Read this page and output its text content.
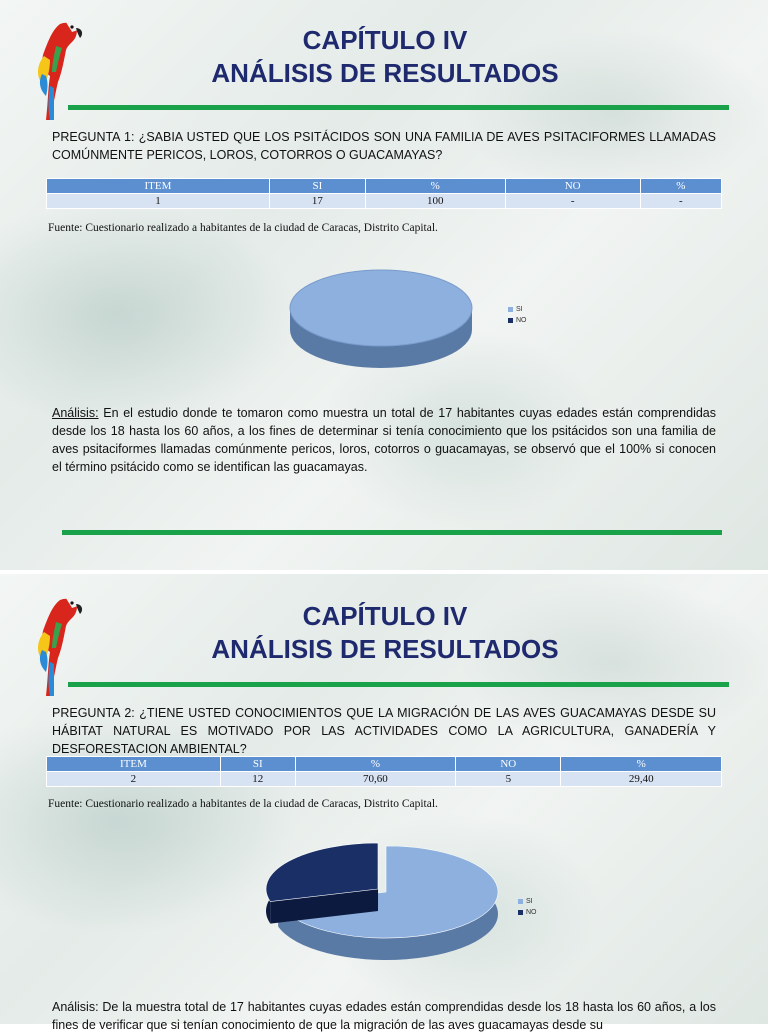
CAPÍTULO IV
ANÁLISIS DE RESULTADOS
PREGUNTA 1: ¿SABIA USTED QUE LOS PSITÁCIDOS SON UNA FAMILIA DE AVES PSITACIFORMES LLAMADAS COMÚNMENTE PERICOS, LOROS, COTORROS O GUACAMAYAS?
ITEM	SI	%	NO	%
1	17	100	-	-
Fuente: Cuestionario realizado a habitantes de la ciudad de Caracas, Distrito Capital.
SI
NO
Análisis: En el estudio donde te tomaron como muestra un total de 17 habitantes cuyas edades están comprendidas desde los 18 hasta los 60 años, a los fines de determinar si tenía conocimiento que los psitácidos son una familia de aves psitaciformes llamadas comúnmente pericos, loros, cotorros o guacamayas, se observó que el 100% si conocen el término psitácido como se identifican las guacamayas.
CAPÍTULO IV
ANÁLISIS DE RESULTADOS
PREGUNTA 2: ¿TIENE USTED CONOCIMIENTOS QUE LA MIGRACIÓN DE LAS AVES GUACAMAYAS DESDE SU HÁBITAT NATURAL ES MOTIVADO POR LAS ACTIVIDADES COMO LA AGRICULTURA, GANADERÍA Y DESFORESTACION AMBIENTAL?
ITEM	SI	%	NO	%
2	12	70,60	5	29,40
Fuente: Cuestionario realizado a habitantes de la ciudad de Caracas, Distrito Capital.
SI
NO
Análisis: De la muestra total de 17 habitantes cuyas edades están comprendidas desde los 18 hasta los 60 años, a los fines de verificar que si tenían conocimiento de que la migración de las aves guacamayas desde su
